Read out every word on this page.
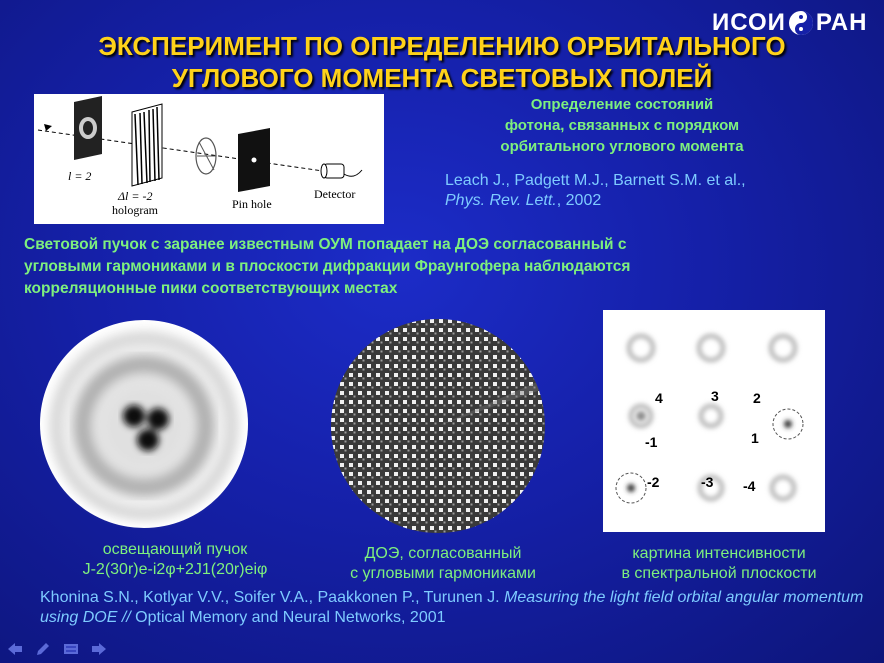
ИСОИ РАН
ЭКСПЕРИМЕНТ ПО ОПРЕДЕЛЕНИЮ ОРБИТАЛЬНОГО
УГЛОВОГО МОМЕНТА СВЕТОВЫХ ПОЛЕЙ
l = 2
Δl = -2
hologram	Pin hole
Detector
Определение состояний
фотона, связанных с порядком
орбитального углового момента
Leach J., Padgett M.J., Barnett S.M. et al.,
Phys. Rev. Lett., 2002
Световой пучок с заранее известным ОУМ попадает на ДОЭ согласованный с
угловыми гармониками и в плоскости дифракции Фраунгофера наблюдаются
корреляционные пики соответствующих местах
4	3 2
-1	1
-2	-3 -4
освещающий пучок
J-2(30r)e-i2φ+2J1(20r)eiφ
ДОЭ, согласованный
с угловыми гармониками
картина интенсивности
в спектральной плоскости
Khonina S.N., Kotlyar V.V., Soifer V.A., Paakkonen P., Turunen J. Measuring the light field orbital angular momentum using DOE // Optical Memory and Neural Networks, 2001
